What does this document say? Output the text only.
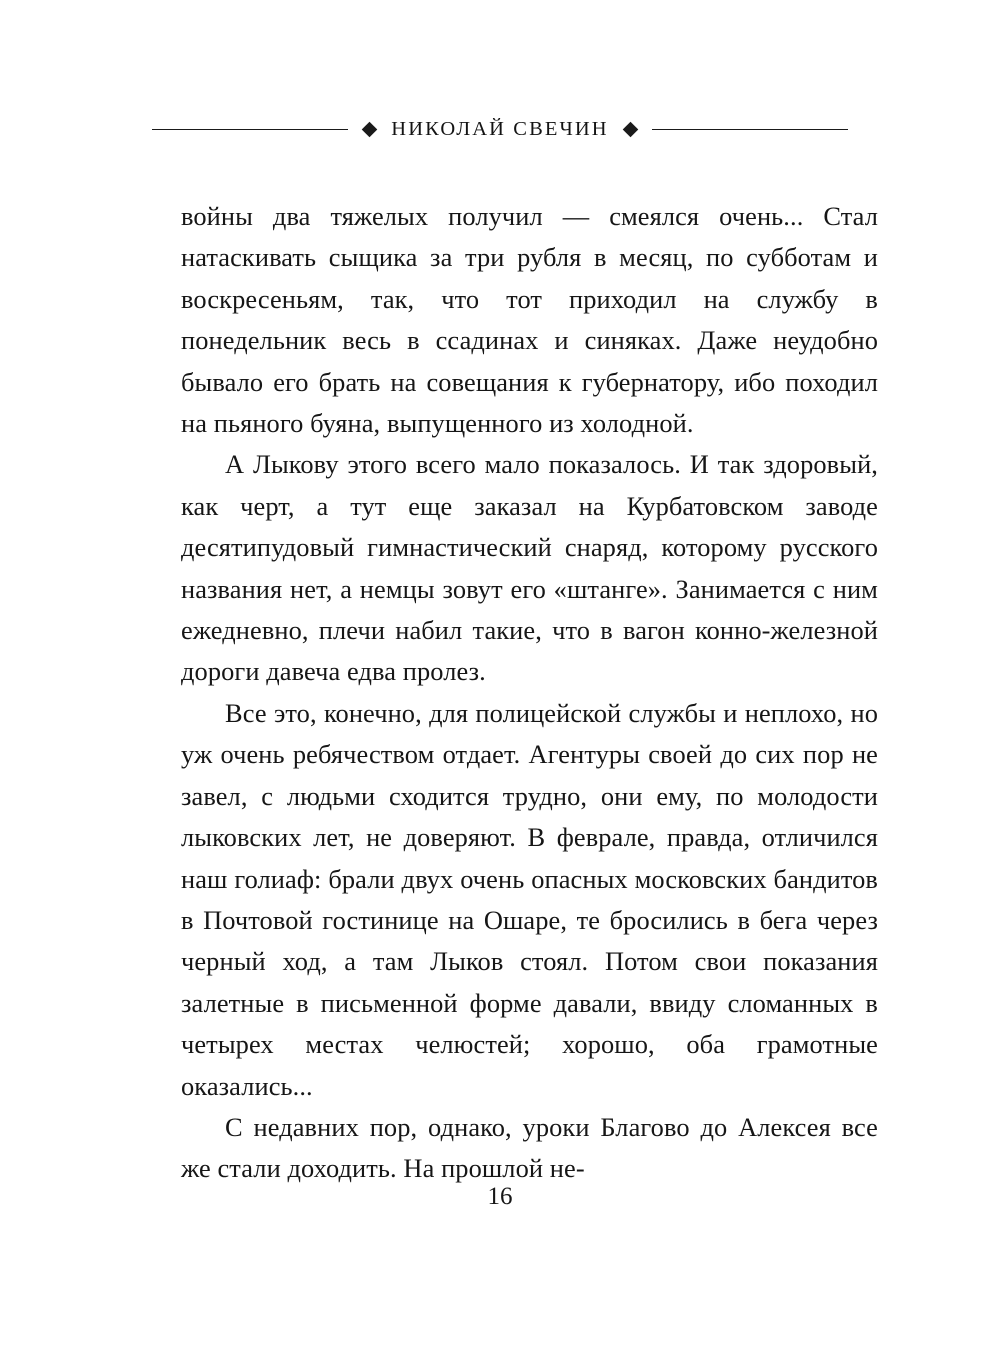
НИКОЛАЙ СВЕЧИН

войны два тяжелых получил — смеялся очень... Стал натаскивать сыщика за три рубля в месяц, по субботам и воскресеньям, так, что тот приходил на службу в понедельник весь в ссадинах и синяках. Даже неудобно бывало его брать на совещания к губернатору, ибо походил на пьяного буяна, выпущенного из холодной.

А Лыкову этого всего мало показалось. И так здоровый, как черт, а тут еще заказал на Курбатовском заводе десятипудовый гимнастический снаряд, которому русского названия нет, а немцы зовут его «штанге». Занимается с ним ежедневно, плечи набил такие, что в вагон конно-железной дороги давеча едва пролез.

Все это, конечно, для полицейской службы и неплохо, но уж очень ребячеством отдает. Агентуры своей до сих пор не завел, с людьми сходится трудно, они ему, по молодости лыковских лет, не доверяют. В феврале, правда, отличился наш голиаф: брали двух очень опасных московских бандитов в Почтовой гостинице на Ошаре, те бросились в бега через черный ход, а там Лыков стоял. Потом свои показания залетные в письменной форме давали, ввиду сломанных в четырех местах челюстей; хорошо, оба грамотные оказались...

С недавних пор, однако, уроки Благово до Алексея все же стали доходить. На прошлой не-

16
